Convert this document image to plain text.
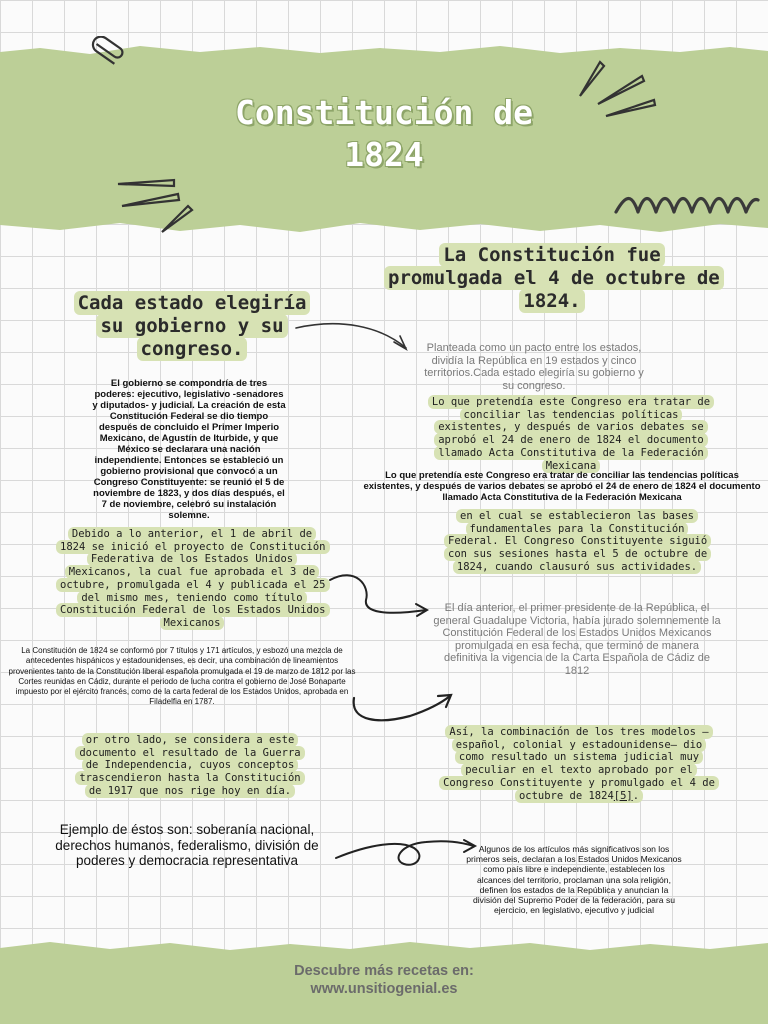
Constitución de
1824
Cada estado elegiría su gobierno y su congreso.
El gobierno se compondría de tres poderes: ejecutivo, legislativo -senadores y diputados- y judicial. La creación de esta Constitución Federal se dio tiempo después de concluido el Primer Imperio Mexicano, de Agustín de Iturbide, y que México se declarara una nación independiente. Entonces se estableció un gobierno provisional que convocó a un Congreso Constituyente: se reunió el 5 de noviembre de 1823, y dos días después, el 7 de noviembre, celebró su instalación solemne.
Debido a lo anterior, el 1 de abril de 1824 se inició el proyecto de Constitución Federativa de los Estados Unidos Mexicanos, la cual fue aprobada el 3 de octubre, promulgada el 4 y publicada el 25 del mismo mes, teniendo como título Constitución Federal de los Estados Unidos Mexicanos
La Constitución de 1824 se conformó por 7 títulos y 171 artículos, y esbozó una mezcla de antecedentes hispánicos y estadounidenses, es decir, una combinación de lineamientos provenientes tanto de la Constitución liberal española promulgada el 19 de marzo de 1812 por las Cortes reunidas en Cádiz, durante el periodo de lucha contra el gobierno de José Bonaparte impuesto por el ejército francés, como de la carta federal de los Estados Unidos, aprobada en Filadelfia en 1787.
or otro lado, se considera a este documento el resultado de la Guerra de Independencia, cuyos conceptos trascendieron hasta la Constitución de 1917 que nos rige hoy en día.
Ejemplo de éstos son: soberanía nacional, derechos humanos, federalismo, división de poderes y democracia representativa
La Constitución fue promulgada el 4 de octubre de 1824.
Planteada como un pacto entre los estados, dividía la República en 19 estados y cinco territorios.Cada estado elegiría su gobierno y su congreso.
Lo que pretendía este Congreso era tratar de conciliar las tendencias políticas existentes, y después de varios debates se aprobó el 24 de enero de 1824 el documento llamado Acta Constitutiva de la Federación Mexicana
Lo que pretendía este Congreso era tratar de conciliar las tendencias políticas existentes, y después de varios debates se aprobó el 24 de enero de 1824 el documento llamado Acta Constitutiva de la Federación Mexicana
en el cual se establecieron las bases fundamentales para la Constitución Federal. El Congreso Constituyente siguió con sus sesiones hasta el 5 de octubre de 1824, cuando clausuró sus actividades.
El día anterior, el primer presidente de la República, el general Guadalupe Victoria, había jurado solemnemente la Constitución Federal de los Estados Unidos Mexicanos promulgada en esa fecha, que terminó de manera definitiva la vigencia de la Carta Española de Cádiz de 1812
Así, la combinación de los tres modelos —español, colonial y estadounidense— dio como resultado un sistema judicial muy peculiar en el texto aprobado por el Congreso Constituyente y promulgado el 4 de octubre de 1824[5].
Algunos de los artículos más significativos son los primeros seis, declaran a los Estados Unidos Mexicanos como país libre e independiente, establecen los alcances del territorio, proclaman una sola religión, definen los estados de la República y anuncian la división del Supremo Poder de la federación, para su ejercicio, en legislativo, ejecutivo y judicial
Descubre más recetas en:
www.unsitiogenial.es
